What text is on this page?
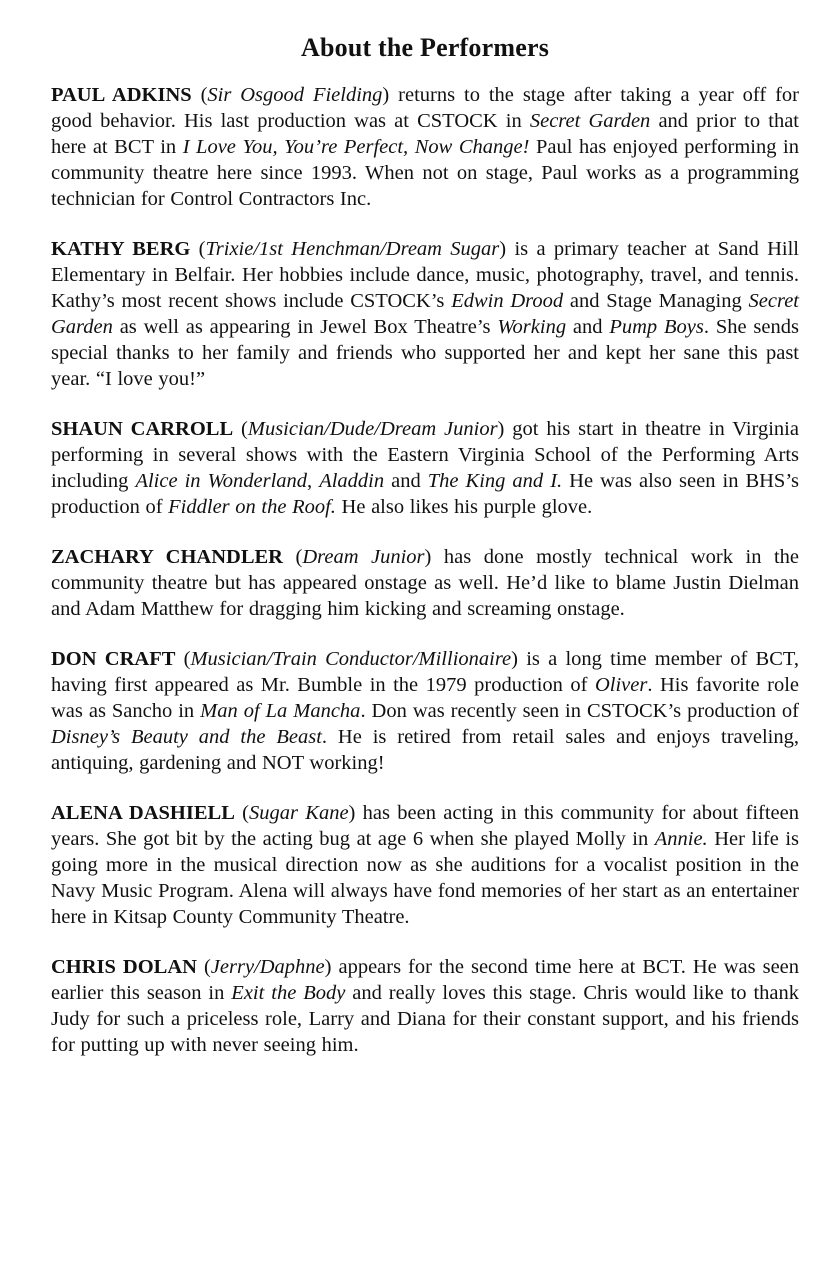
About the Performers

PAUL ADKINS (Sir Osgood Fielding) returns to the stage after taking a year off for good behavior. His last production was at CSTOCK in Secret Garden and prior to that here at BCT in I Love You, You’re Perfect, Now Change! Paul has enjoyed performing in community theatre here since 1993. When not on stage, Paul works as a programming technician for Control Contractors Inc.

KATHY BERG (Trixie/1st Henchman/Dream Sugar) is a primary teacher at Sand Hill Elementary in Belfair. Her hobbies include dance, music, photography, travel, and tennis. Kathy’s most recent shows include CSTOCK’s Edwin Drood and Stage Managing Secret Garden as well as appearing in Jewel Box Theatre’s Working and Pump Boys. She sends special thanks to her family and friends who supported her and kept her sane this past year. “I love you!”

SHAUN CARROLL (Musician/Dude/Dream Junior) got his start in theatre in Virginia performing in several shows with the Eastern Virginia School of the Performing Arts including Alice in Wonderland, Aladdin and The King and I. He was also seen in BHS’s production of Fiddler on the Roof. He also likes his purple glove.

ZACHARY CHANDLER (Dream Junior) has done mostly technical work in the community theatre but has appeared onstage as well. He’d like to blame Justin Dielman and Adam Matthew for dragging him kicking and screaming onstage.

DON CRAFT (Musician/Train Conductor/Millionaire) is a long time member of BCT, having first appeared as Mr. Bumble in the 1979 production of Oliver. His favorite role was as Sancho in Man of La Mancha. Don was recently seen in CSTOCK’s production of Disney’s Beauty and the Beast. He is retired from retail sales and enjoys traveling, antiquing, gardening and NOT working!

ALENA DASHIELL (Sugar Kane) has been acting in this community for about fifteen years. She got bit by the acting bug at age 6 when she played Molly in Annie. Her life is going more in the musical direction now as she auditions for a vocalist position in the Navy Music Program. Alena will always have fond memories of her start as an entertainer here in Kitsap County Community Theatre.

CHRIS DOLAN (Jerry/Daphne) appears for the second time here at BCT. He was seen earlier this season in Exit the Body and really loves this stage. Chris would like to thank Judy for such a priceless role, Larry and Diana for their constant support, and his friends for putting up with never seeing him.
